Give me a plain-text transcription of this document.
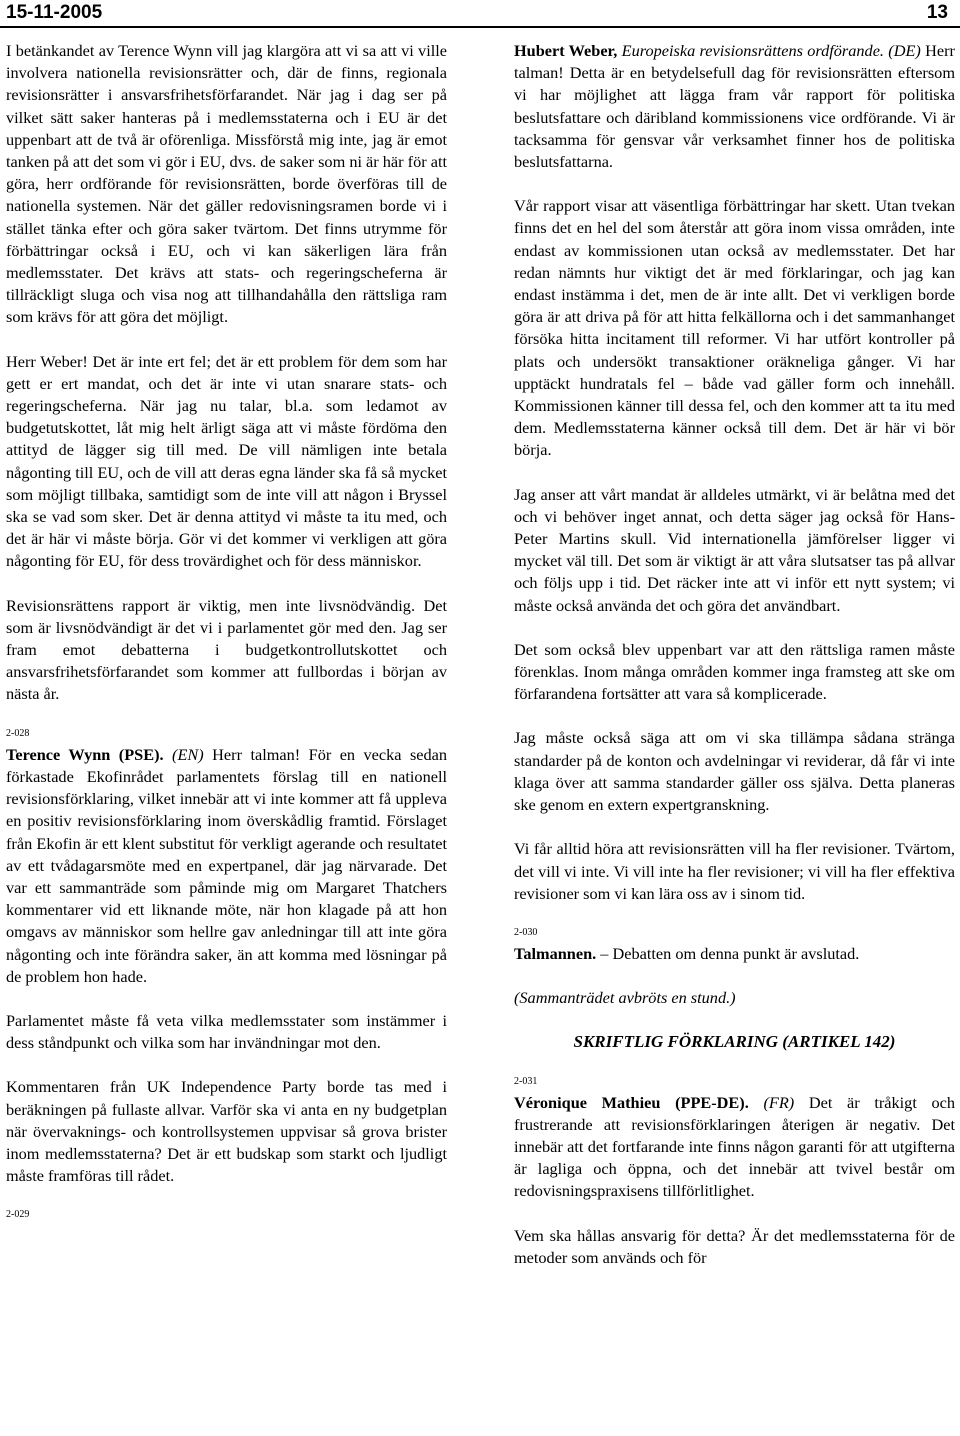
15-11-2005	13

I betänkandet av Terence Wynn vill jag klargöra att vi sa att vi ville involvera nationella revisionsrätter och, där de finns, regionala revisionsrätter i ansvarsfrihetsförfarandet. När jag i dag ser på vilket sätt saker hanteras på i medlemsstaterna och i EU är det uppenbart att de två är oförenliga. Missförstå mig inte, jag är emot tanken på att det som vi gör i EU, dvs. de saker som ni är här för att göra, herr ordförande för revisionsrätten, borde överföras till de nationella systemen. När det gäller redovisningsramen borde vi i stället tänka efter och göra saker tvärtom. Det finns utrymme för förbättringar också i EU, och vi kan säkerligen lära från medlemsstater. Det krävs att stats- och regeringscheferna är tillräckligt sluga och visa nog att tillhandahålla den rättsliga ram som krävs för att göra det möjligt.

Herr Weber! Det är inte ert fel; det är ett problem för dem som har gett er ert mandat, och det är inte vi utan snarare stats- och regeringscheferna. När jag nu talar, bl.a. som ledamot av budgetutskottet, låt mig helt ärligt säga att vi måste fördöma den attityd de lägger sig till med. De vill nämligen inte betala någonting till EU, och de vill att deras egna länder ska få så mycket som möjligt tillbaka, samtidigt som de inte vill att någon i Bryssel ska se vad som sker. Det är denna attityd vi måste ta itu med, och det är här vi måste börja. Gör vi det kommer vi verkligen att göra någonting för EU, för dess trovärdighet och för dess människor.

Revisionsrättens rapport är viktig, men inte livsnödvändig. Det som är livsnödvändigt är det vi i parlamentet gör med den. Jag ser fram emot debatterna i budgetkontrollutskottet och ansvarsfrihetsförfarandet som kommer att fullbordas i början av nästa år.

2-028

Terence Wynn (PSE). (EN) Herr talman! För en vecka sedan förkastade Ekofinrådet parlamentets förslag till en nationell revisionsförklaring, vilket innebär att vi inte kommer att få uppleva en positiv revisionsförklaring inom överskådlig framtid. Förslaget från Ekofin är ett klent substitut för verkligt agerande och resultatet av ett tvådagarsmöte med en expertpanel, där jag närvarade. Det var ett sammanträde som påminde mig om Margaret Thatchers kommentarer vid ett liknande möte, när hon klagade på att hon omgavs av människor som hellre gav anledningar till att inte göra någonting och inte förändra saker, än att komma med lösningar på de problem hon hade.

Parlamentet måste få veta vilka medlemsstater som instämmer i dess ståndpunkt och vilka som har invändningar mot den.

Kommentaren från UK Independence Party borde tas med i beräkningen på fullaste allvar. Varför ska vi anta en ny budgetplan när övervaknings- och kontrollsystemen uppvisar så grova brister inom medlemsstaterna? Det är ett budskap som starkt och ljudligt måste framföras till rådet.

2-029

Hubert Weber, Europeiska revisionsrättens ordförande. (DE) Herr talman! Detta är en betydelsefull dag för revisionsrätten eftersom vi har möjlighet att lägga fram vår rapport för politiska beslutsfattare och däribland kommissionens vice ordförande. Vi är tacksamma för gensvar vår verksamhet finner hos de politiska beslutsfattarna.

Vår rapport visar att väsentliga förbättringar har skett. Utan tvekan finns det en hel del som återstår att göra inom vissa områden, inte endast av kommissionen utan också av medlemsstater. Det har redan nämnts hur viktigt det är med förklaringar, och jag kan endast instämma i det, men de är inte allt. Det vi verkligen borde göra är att driva på för att hitta felkällorna och i det sammanhanget försöka hitta incitament till reformer. Vi har utfört kontroller på plats och undersökt transaktioner oräkneliga gånger. Vi har upptäckt hundratals fel – både vad gäller form och innehåll. Kommissionen känner till dessa fel, och den kommer att ta itu med dem. Medlemsstaterna känner också till dem. Det är här vi bör börja.

Jag anser att vårt mandat är alldeles utmärkt, vi är belåtna med det och vi behöver inget annat, och detta säger jag också för Hans-Peter Martins skull. Vid internationella jämförelser ligger vi mycket väl till. Det som är viktigt är att våra slutsatser tas på allvar och följs upp i tid. Det räcker inte att vi inför ett nytt system; vi måste också använda det och göra det användbart.

Det som också blev uppenbart var att den rättsliga ramen måste förenklas. Inom många områden kommer inga framsteg att ske om förfarandena fortsätter att vara så komplicerade.

Jag måste också säga att om vi ska tillämpa sådana stränga standarder på de konton och avdelningar vi reviderar, då får vi inte klaga över att samma standarder gäller oss själva. Detta planeras ske genom en extern expertgranskning.

Vi får alltid höra att revisionsrätten vill ha fler revisioner. Tvärtom, det vill vi inte. Vi vill inte ha fler revisioner; vi vill ha fler effektiva revisioner som vi kan lära oss av i sinom tid.

2-030

Talmannen. – Debatten om denna punkt är avslutad.

(Sammanträdet avbröts en stund.)

SKRIFTLIG FÖRKLARING (ARTIKEL 142)

2-031

Véronique Mathieu (PPE-DE). (FR) Det är tråkigt och frustrerande att revisionsförklaringen återigen är negativ. Det innebär att det fortfarande inte finns någon garanti för att utgifterna är lagliga och öppna, och det innebär att tvivel består om redovisningspraxisens tillförlitlighet.

Vem ska hållas ansvarig för detta? Är det medlemsstaterna för de metoder som används och för
